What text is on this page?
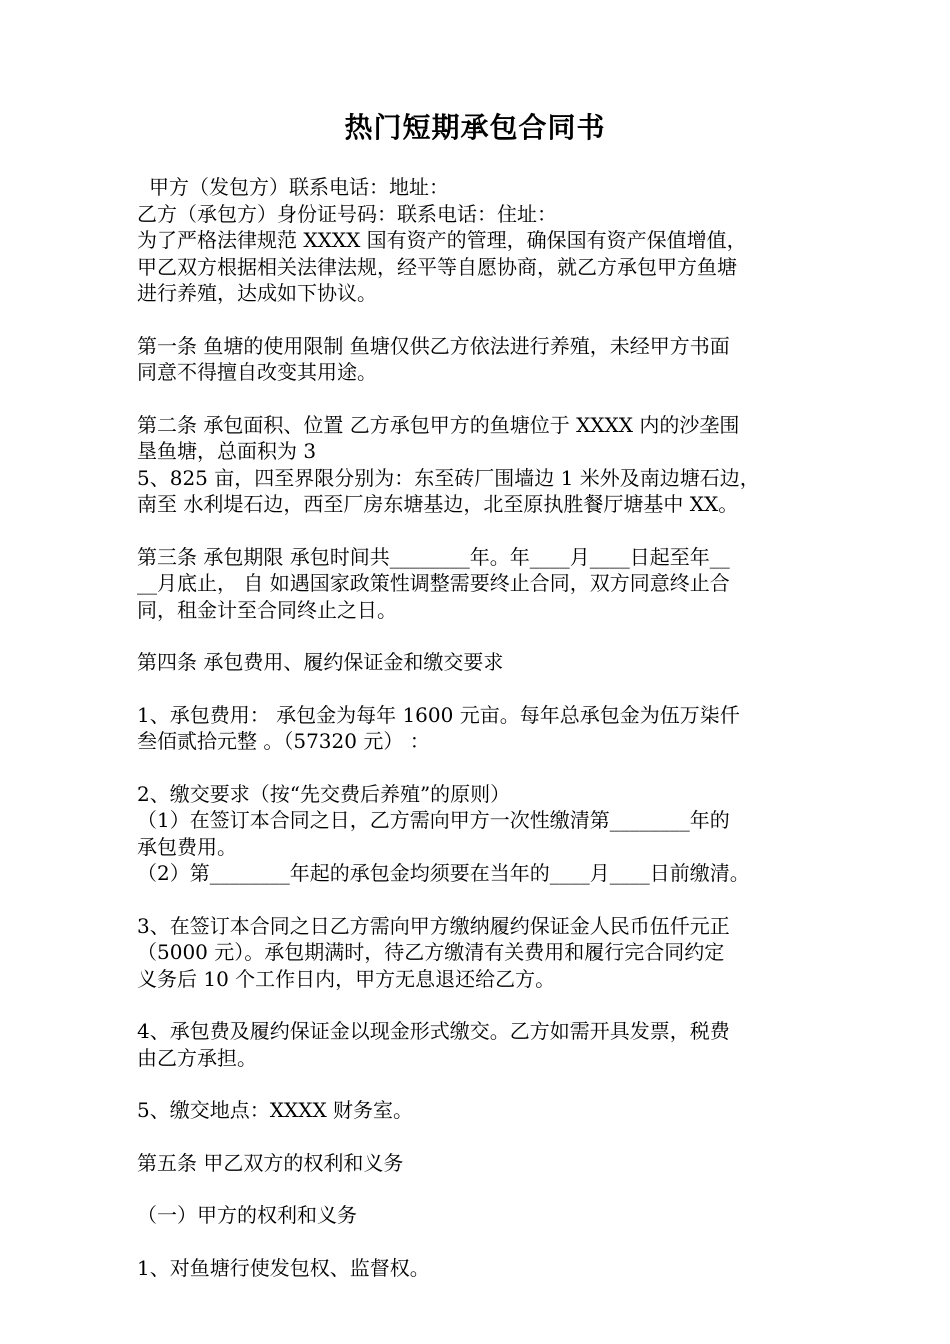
热门短期承包合同书

甲方（发包方）联系电话：地址：

乙方（承包方）身份证号码：联系电话：住址：

为了严格法律规范 XXXX 国有资产的管理，确保国有资产保值增值，

甲乙双方根据相关法律法规，经平等自愿协商，就乙方承包甲方鱼塘

进行养殖，达成如下协议。

第一条 鱼塘的使用限制 鱼塘仅供乙方依法进行养殖，未经甲方书面

同意不得擅自改变其用途。

第二条 承包面积、位置 乙方承包甲方的鱼塘位于 XXXX 内的沙垄围

垦鱼塘，总面积为 3

5、825 亩，四至界限分别为：东至砖厂围墙边 1 米外及南边塘石边，

南至 水利堤石边，西至厂房东塘基边，北至原执胜餐厅塘基中 XX。

第三条 承包期限 承包时间共________年。年____月____日起至年__

__月底止， 自 如遇国家政策性调整需要终止合同，双方同意终止合

同，租金计至合同终止之日。

第四条 承包费用、履约保证金和缴交要求

1、承包费用： 承包金为每年 1600 元亩。每年总承包金为伍万柒仟

叁佰贰拾元整 。（57320 元） ：

2、缴交要求（按“先交费后养殖”的原则）

（1）在签订本合同之日，乙方需向甲方一次性缴清第________年的

承包费用。

（2）第________年起的承包金均须要在当年的____月____日前缴清。

3、在签订本合同之日乙方需向甲方缴纳履约保证金人民币伍仟元正

（5000 元）。承包期满时，待乙方缴清有关费用和履行完合同约定

义务后 10 个工作日内，甲方无息退还给乙方。

4、承包费及履约保证金以现金形式缴交。乙方如需开具发票，税费

由乙方承担。

5、缴交地点：XXXX 财务室。

第五条 甲乙双方的权利和义务

（一）甲方的权利和义务

1、对鱼塘行使发包权、监督权。
